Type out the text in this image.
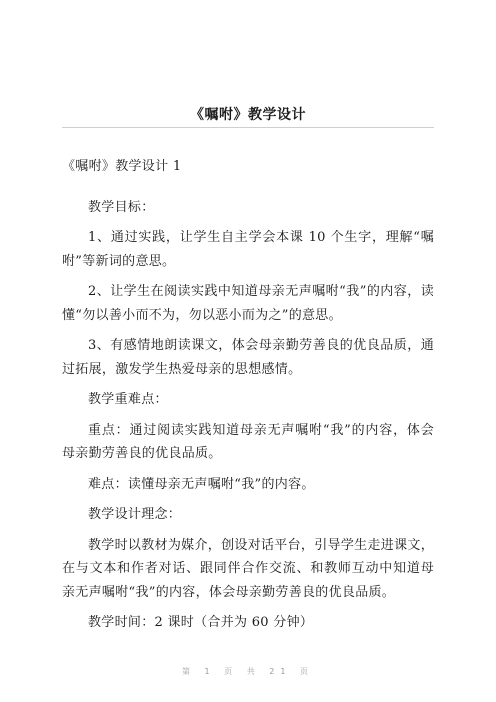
《嘱咐》教学设计

《嘱咐》教学设计 1

教学目标：

1、通过实践，让学生自主学会本课 10 个生字，理解“嘱咐”等新词的意思。

2、让学生在阅读实践中知道母亲无声嘱咐“我”的内容，读懂“勿以善小而不为，勿以恶小而为之”的意思。

3、有感情地朗读课文，体会母亲勤劳善良的优良品质，通过拓展，激发学生热爱母亲的思想感情。

教学重难点：

重点：通过阅读实践知道母亲无声嘱咐“我”的内容，体会母亲勤劳善良的优良品质。

难点：读懂母亲无声嘱咐“我”的内容。

教学设计理念：

教学时以教材为媒介，创设对话平台，引导学生走进课文，在与文本和作者对话、跟同伴合作交流、和教师互动中知道母亲无声嘱咐“我”的内容，体会母亲勤劳善良的优良品质。

教学时间：2 课时（合并为 60 分钟）

第 1 页 共 21 页
